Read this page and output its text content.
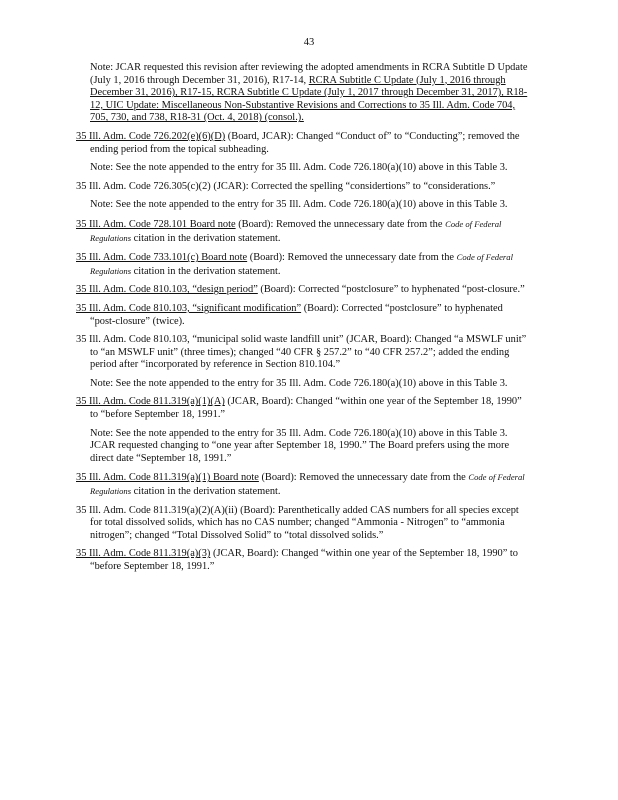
43

Note: JCAR requested this revision after reviewing the adopted amendments in RCRA Subtitle D Update (July 1, 2016 through December 31, 2016), R17-14, RCRA Subtitle C Update (July 1, 2016 through December 31, 2016), R17-15, RCRA Subtitle C Update (July 1, 2017 through December 31, 2017), R18-12, UIC Update: Miscellaneous Non-Substantive Revisions and Corrections to 35 Ill. Adm. Code 704, 705, 730, and 738, R18-31 (Oct. 4, 2018) (consol.).

35 Ill. Adm. Code 726.202(e)(6)(D) (Board, JCAR): Changed “Conduct of” to “Conducting”; removed the ending period from the topical subheading.

Note: See the note appended to the entry for 35 Ill. Adm. Code 726.180(a)(10) above in this Table 3.

35 Ill. Adm. Code 726.305(c)(2) (JCAR): Corrected the spelling “considertions” to “considerations.”

Note: See the note appended to the entry for 35 Ill. Adm. Code 726.180(a)(10) above in this Table 3.

35 Ill. Adm. Code 728.101 Board note (Board): Removed the unnecessary date from the Code of Federal Regulations citation in the derivation statement.

35 Ill. Adm. Code 733.101(c) Board note (Board): Removed the unnecessary date from the Code of Federal Regulations citation in the derivation statement.

35 Ill. Adm. Code 810.103, “design period” (Board): Corrected “postclosure” to hyphenated “post-closure.”

35 Ill. Adm. Code 810.103, “significant modification” (Board): Corrected “postclosure” to hyphenated “post-closure” (twice).

35 Ill. Adm. Code 810.103, “municipal solid waste landfill unit” (JCAR, Board): Changed “a MSWLF unit” to “an MSWLF unit” (three times); changed “40 CFR § 257.2” to “40 CFR 257.2”; added the ending period after “incorporated by reference in Section 810.104.”

Note: See the note appended to the entry for 35 Ill. Adm. Code 726.180(a)(10) above in this Table 3.

35 Ill. Adm. Code 811.319(a)(1)(A) (JCAR, Board): Changed “within one year of the September 18, 1990” to “before September 18, 1991.”

Note: See the note appended to the entry for 35 Ill. Adm. Code 726.180(a)(10) above in this Table 3. JCAR requested changing to “one year after September 18, 1990.” The Board prefers using the more direct date “September 18, 1991.”

35 Ill. Adm. Code 811.319(a)(1) Board note (Board): Removed the unnecessary date from the Code of Federal Regulations citation in the derivation statement.

35 Ill. Adm. Code 811.319(a)(2)(A)(ii) (Board): Parenthetically added CAS numbers for all species except for total dissolved solids, which has no CAS number; changed “Ammonia - Nitrogen” to “ammonia nitrogen”; changed “Total Dissolved Solid” to “total dissolved solids.”

35 Ill. Adm. Code 811.319(a)(3) (JCAR, Board): Changed “within one year of the September 18, 1990” to “before September 18, 1991.”
